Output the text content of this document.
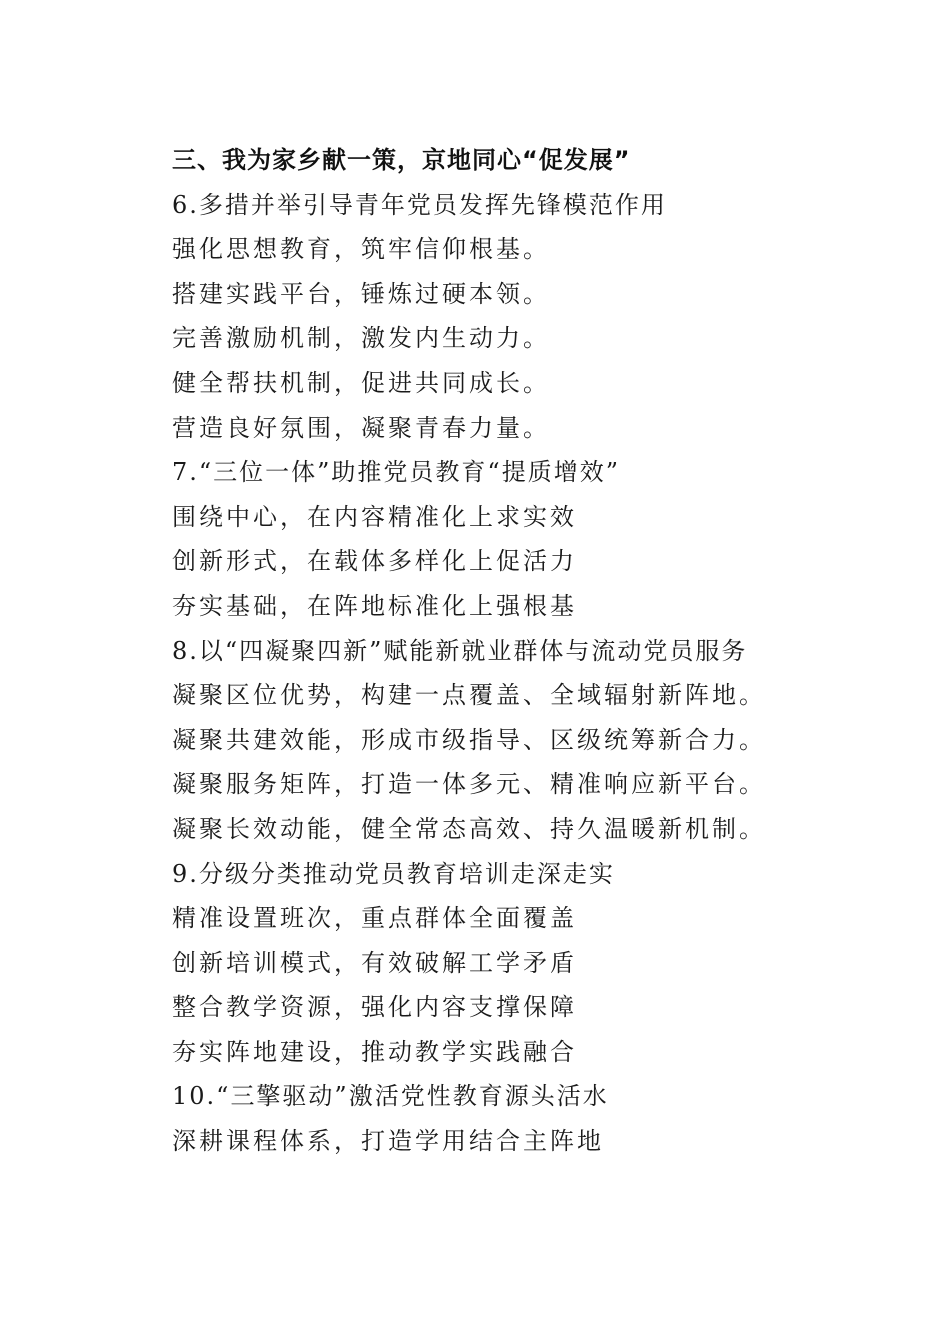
三、我为家乡献一策，京地同心“促发展”
6.多措并举引导青年党员发挥先锋模范作用
强化思想教育，筑牢信仰根基。
搭建实践平台，锤炼过硬本领。
完善激励机制，激发内生动力。
健全帮扶机制，促进共同成长。
营造良好氛围，凝聚青春力量。
7.“三位一体”助推党员教育“提质增效”
围绕中心，在内容精准化上求实效
创新形式，在载体多样化上促活力
夯实基础，在阵地标准化上强根基
8.以“四凝聚四新”赋能新就业群体与流动党员服务
凝聚区位优势，构建一点覆盖、全域辐射新阵地。
凝聚共建效能，形成市级指导、区级统筹新合力。
凝聚服务矩阵，打造一体多元、精准响应新平台。
凝聚长效动能，健全常态高效、持久温暖新机制。
9.分级分类推动党员教育培训走深走实
精准设置班次，重点群体全面覆盖
创新培训模式，有效破解工学矛盾
整合教学资源，强化内容支撑保障
夯实阵地建设，推动教学实践融合
10.“三擎驱动”激活党性教育源头活水
深耕课程体系，打造学用结合主阵地
